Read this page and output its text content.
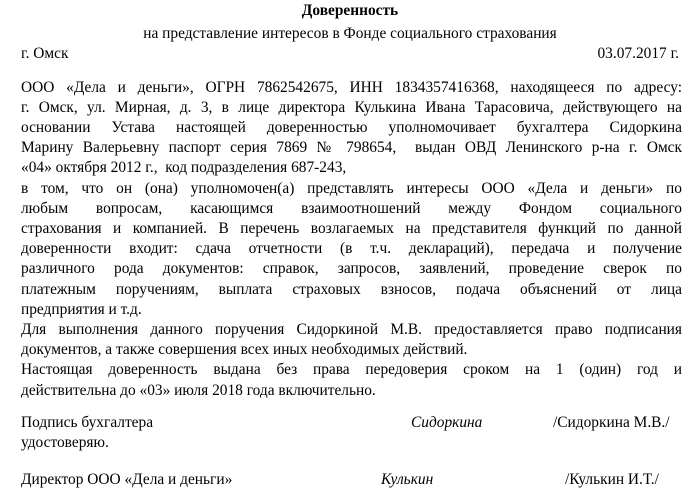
Доверенность
на представление интересов в Фонде социального страхования
г. Омск	03.07.2017 г.
ООО «Дела и деньги», ОГРН 7862542675, ИНН 1834357416368, находящееся по адресу:
г. Омск, ул. Мирная, д. 3, в лице директора Кулькина Ивана Тарасовича, действующего на
основании Устава настоящей доверенностью уполномочивает бухгалтера Сидоркина
Марину Валерьевну паспорт серия 7869 № 798654,  выдан ОВД Ленинского р-на г. Омск
«04» октября 2012 г.,  код подразделения 687-243,
в том, что он (она) уполномочен(а) представлять интересы ООО «Дела и деньги» по
любым вопросам, касающимся взаимоотношений между Фондом социального
страхования и компанией. В перечень возлагаемых на представителя функций по данной
доверенности входит: сдача отчетности (в т.ч. деклараций), передача и получение
различного рода документов: справок, запросов, заявлений, проведение сверок по
платежным поручениям, выплата страховых взносов, подача объяснений от лица
предприятия и т.д.
Для выполнения данного поручения Сидоркиной М.В. предоставляется право подписания
документов, а также совершения всех иных необходимых действий.
Настоящая доверенность выдана без права передоверия сроком на 1 (один) год и
действительна до «03» июля 2018 года включительно.
Подпись бухгалтера	Сидоркина	/Сидоркина М.В./
удостоверяю.
Директор ООО «Дела и деньги»	Кулькин	/Кулькин И.Т./
